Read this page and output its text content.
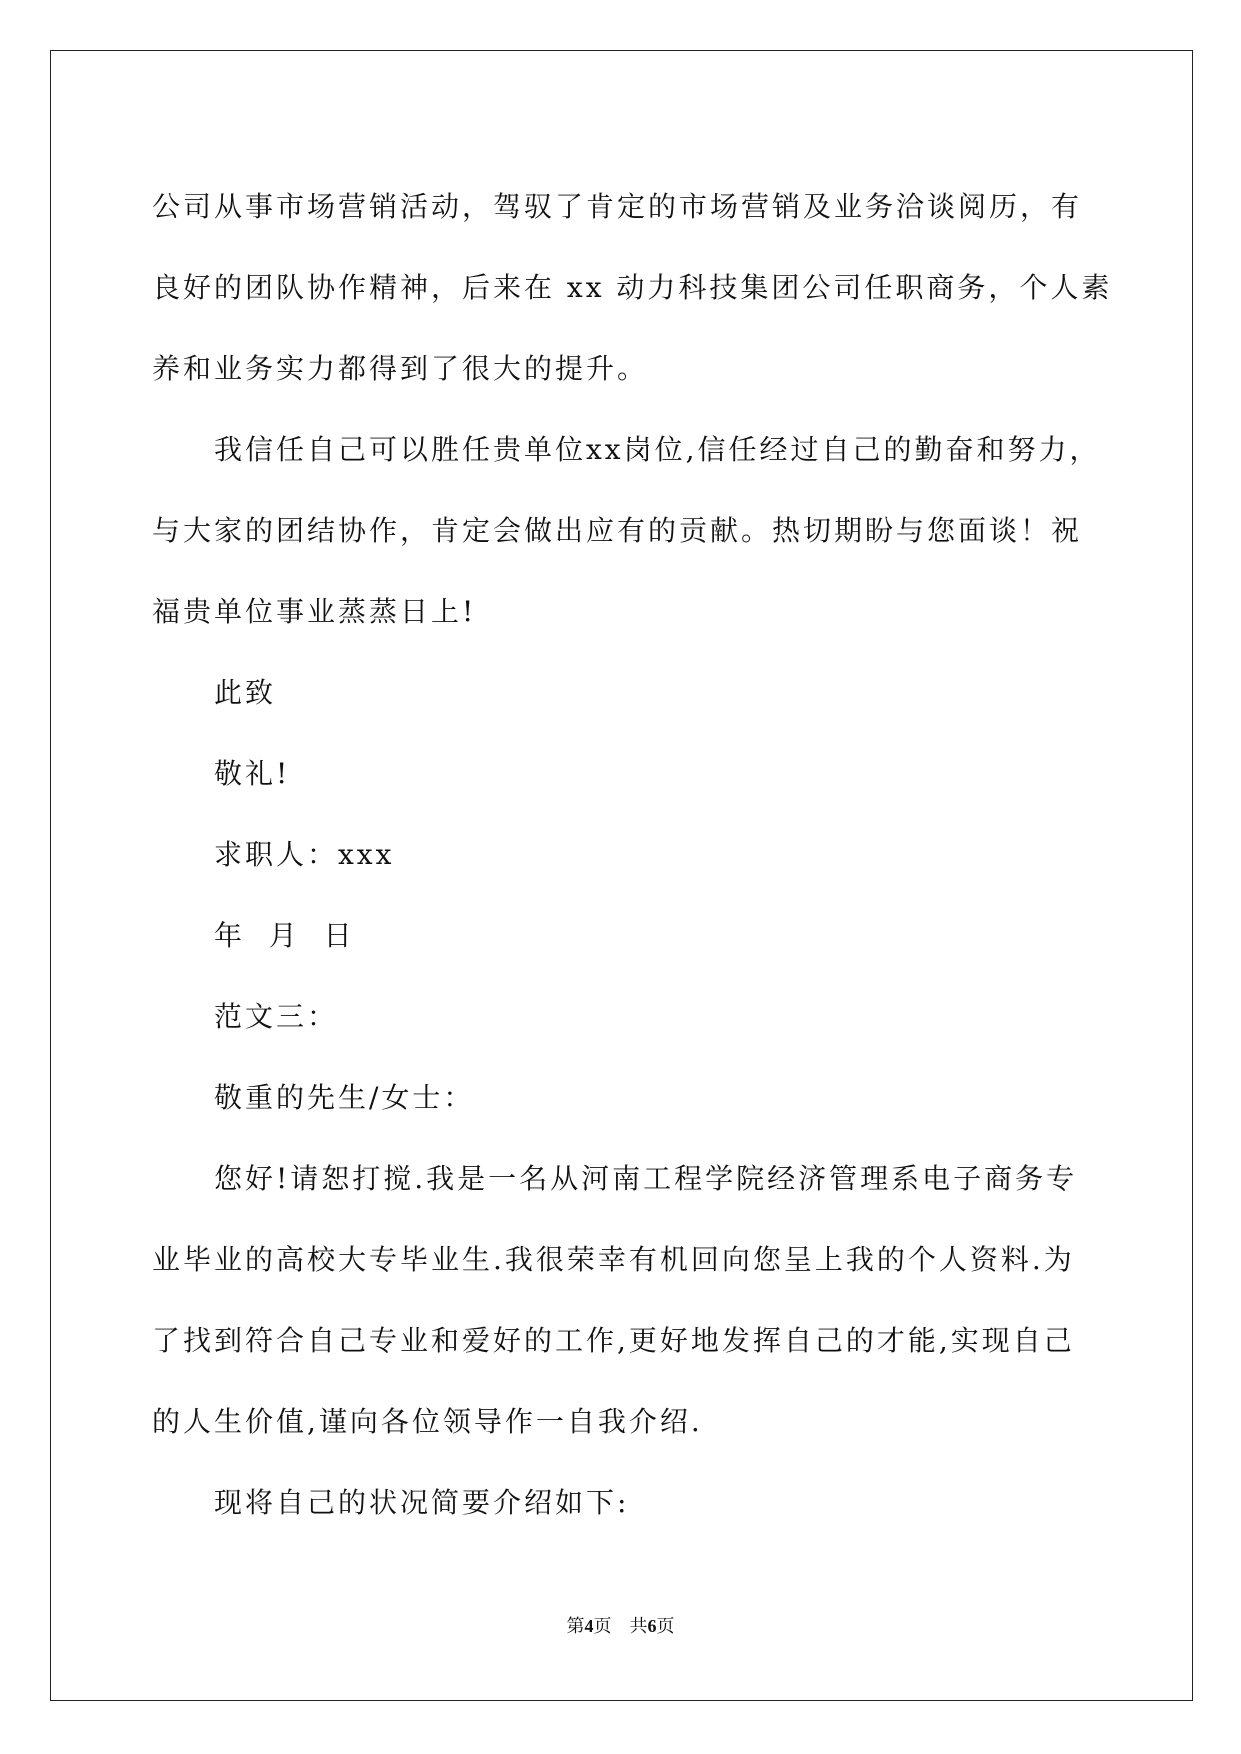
公司从事市场营销活动，驾驭了肯定的市场营销及业务洽谈阅历，有
良好的团队协作精神，后来在 xx 动力科技集团公司任职商务，个人素
养和业务实力都得到了很大的提升。
我信任自己可以胜任贵单位xx岗位,信任经过自己的勤奋和努力，
与大家的团结协作，肯定会做出应有的贡献。热切期盼与您面谈！祝
福贵单位事业蒸蒸日上!
此致
敬礼!
求职人：xxx
年  月  日
范文三：
敬重的先生/女士：
您好!请恕打搅.我是一名从河南工程学院经济管理系电子商务专
业毕业的高校大专毕业生.我很荣幸有机回向您呈上我的个人资料.为
了找到符合自己专业和爱好的工作,更好地发挥自己的才能,实现自己
的人生价值,谨向各位领导作一自我介绍.
现将自己的状况简要介绍如下:
第4页　共6页
